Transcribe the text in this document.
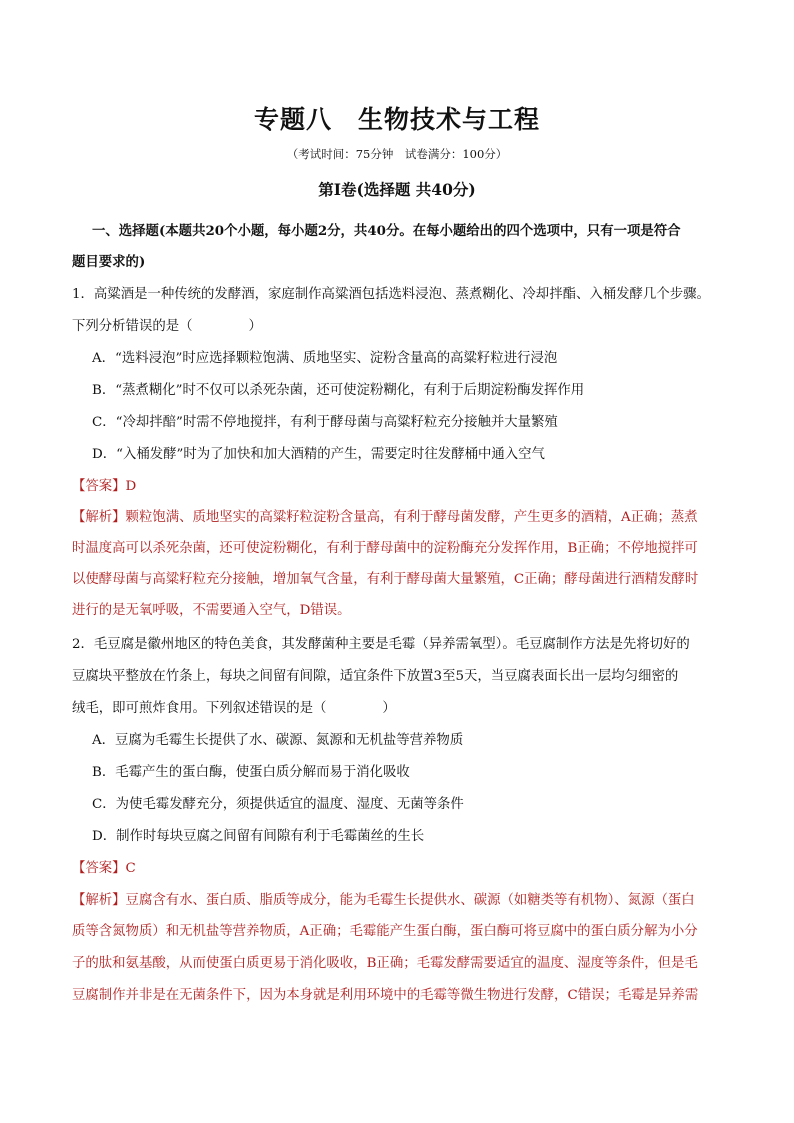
专题八　生物技术与工程
（考试时间：75分钟　试卷满分：100分）
第Ⅰ卷(选择题 共40分)
一、选择题(本题共20个小题，每小题2分，共40分。在每小题给出的四个选项中，只有一项是符合
题目要求的)
1．高粱酒是一种传统的发酵酒，家庭制作高粱酒包括选料浸泡、蒸煮糊化、冷却拌酯、入桶发酵几个步骤。
下列分析错误的是（	）
A．“选料浸泡”时应选择颗粒饱满、质地坚实、淀粉含量高的高粱籽粒进行浸泡
B．“蒸煮糊化”时不仅可以杀死杂菌，还可使淀粉糊化，有利于后期淀粉酶发挥作用
C．“冷却拌醅”时需不停地搅拌，有利于酵母菌与高粱籽粒充分接触并大量繁殖
D．“入桶发酵”时为了加快和加大酒精的产生，需要定时往发酵桶中通入空气
【答案】D
【解析】颗粒饱满、质地坚实的高粱籽粒淀粉含量高，有利于酵母菌发酵，产生更多的酒精，A正确；蒸煮
时温度高可以杀死杂菌，还可使淀粉糊化，有利于酵母菌中的淀粉酶充分发挥作用，B正确；不停地搅拌可
以使酵母菌与高粱籽粒充分接触，增加氧气含量，有利于酵母菌大量繁殖，C正确；酵母菌进行酒精发酵时
进行的是无氧呼吸，不需要通入空气，D错误。
2．毛豆腐是徽州地区的特色美食，其发酵菌种主要是毛霉（异养需氧型）。毛豆腐制作方法是先将切好的
豆腐块平整放在竹条上，每块之间留有间隙，适宜条件下放置3至5天，当豆腐表面长出一层均匀细密的
绒毛，即可煎炸食用。下列叙述错误的是（	）
A．豆腐为毛霉生长提供了水、碳源、氮源和无机盐等营养物质
B．毛霉产生的蛋白酶，使蛋白质分解而易于消化吸收
C．为使毛霉发酵充分，须提供适宜的温度、湿度、无菌等条件
D．制作时每块豆腐之间留有间隙有利于毛霉菌丝的生长
【答案】C
【解析】豆腐含有水、蛋白质、脂质等成分，能为毛霉生长提供水、碳源（如糖类等有机物）、氮源（蛋白
质等含氮物质）和无机盐等营养物质，A正确；毛霉能产生蛋白酶，蛋白酶可将豆腐中的蛋白质分解为小分
子的肽和氨基酸，从而使蛋白质更易于消化吸收，B正确；毛霉发酵需要适宜的温度、湿度等条件，但是毛
豆腐制作并非是在无菌条件下，因为本身就是利用环境中的毛霉等微生物进行发酵，C错误；毛霉是异养需
